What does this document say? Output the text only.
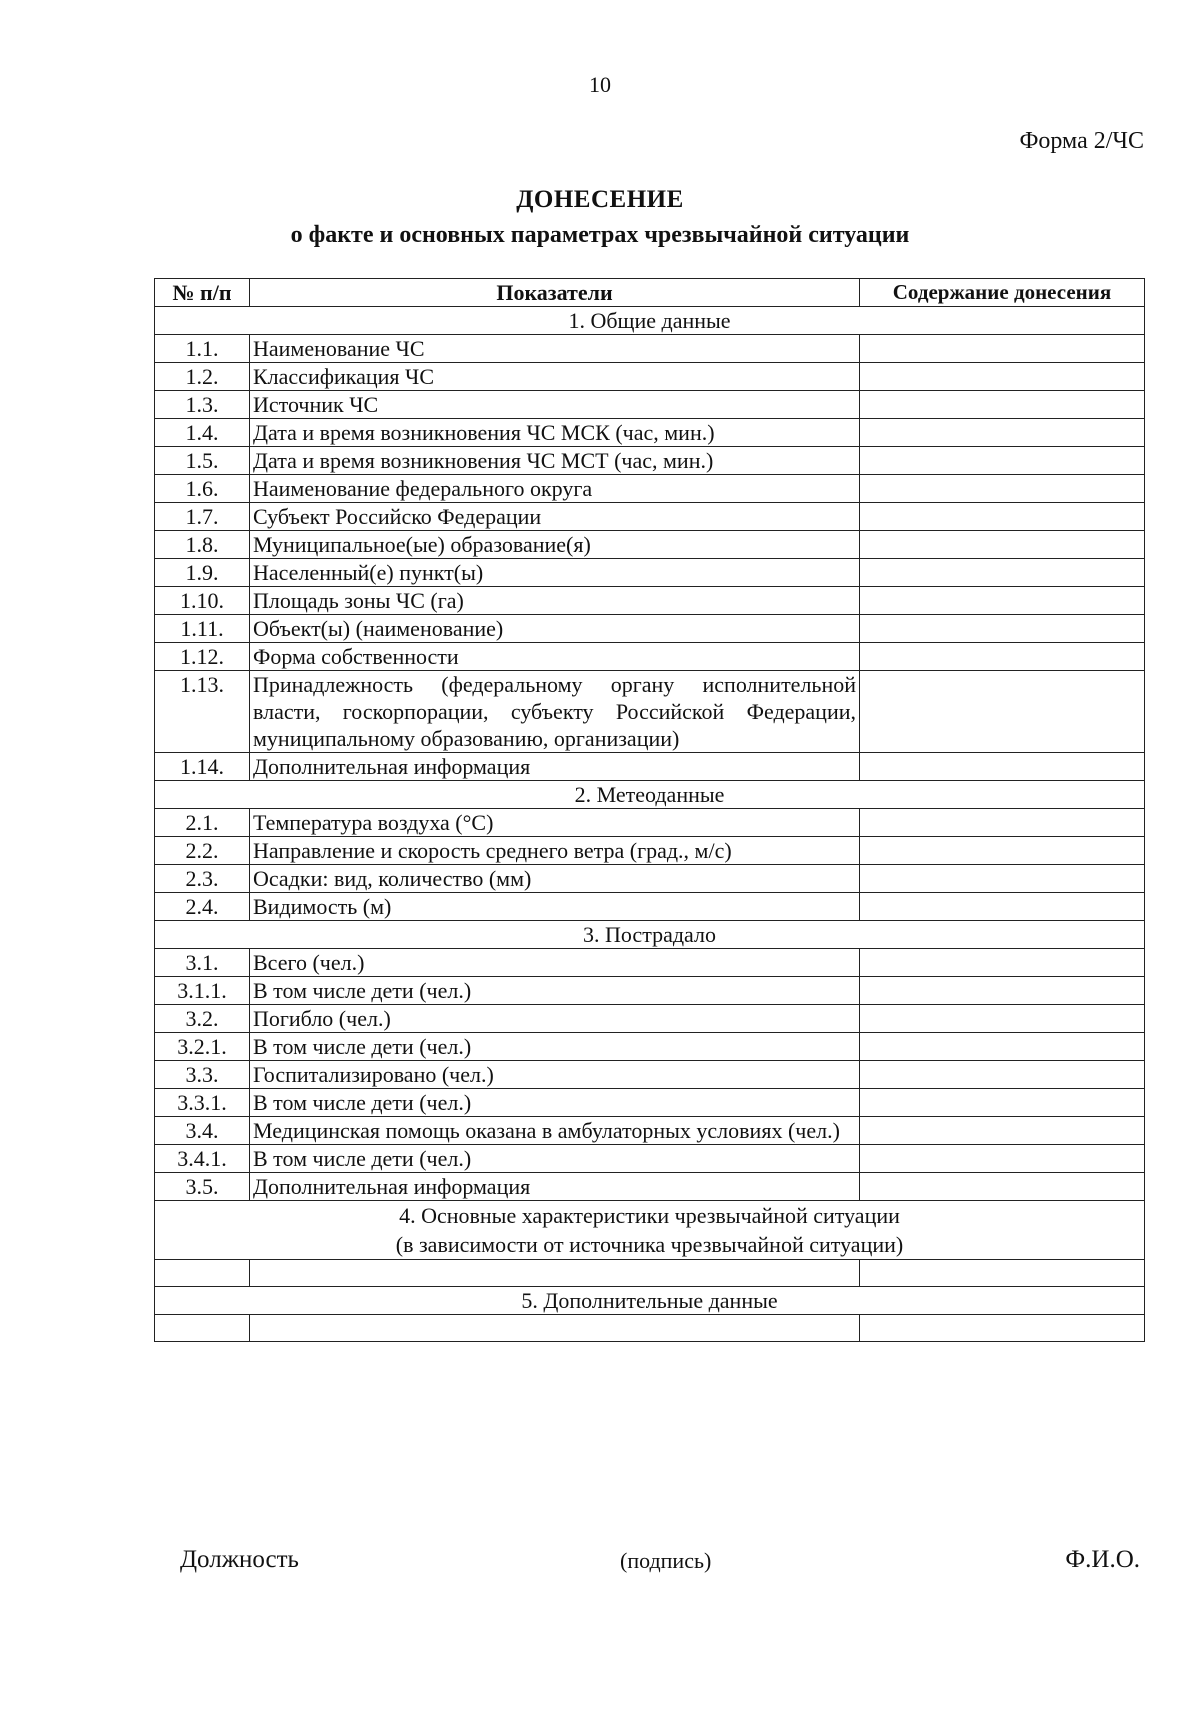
10
Форма 2/ЧС
ДОНЕСЕНИЕ
о факте и основных параметрах чрезвычайной ситуации
№ п/п	Показатели	Содержание донесения
1. Общие данные		
1.1.	Наименование ЧС	
1.2.	Классификация ЧС	
1.3.	Источник ЧС	
1.4.	Дата и время возникновения ЧС МСК (час, мин.)	
1.5.	Дата и время возникновения ЧС МСТ (час, мин.)	
1.6.	Наименование федерального округа	
1.7.	Субъект Российско Федерации	
1.8.	Муниципальное(ые) образование(я)	
1.9.	Населенный(е) пункт(ы)	
1.10.	Площадь зоны ЧС (га)	
1.11.	Объект(ы) (наименование)	
1.12.	Форма собственности	
1.13.	Принадлежность (федеральному органу исполнительной власти, госкорпорации, субъекту Российской Федерации, муниципальному образованию, организации)	
1.14.	Дополнительная информация	
2. Метеоданные		
2.1.	Температура воздуха (°С)	
2.2.	Направление и скорость среднего ветра (град., м/с)	
2.3.	Осадки: вид, количество (мм)	
2.4.	Видимость (м)	
3. Пострадало		
3.1.	Всего (чел.)	
3.1.1.	В том числе дети (чел.)	
3.2.	Погибло (чел.)	
3.2.1.	В том числе дети (чел.)	
3.3.	Госпитализировано (чел.)	
3.3.1.	В том числе дети (чел.)	
3.4.	Медицинская помощь оказана в амбулаторных условиях (чел.)	
3.4.1.	В том числе дети (чел.)	
3.5.	Дополнительная информация	

4. Основные характеристики чрезвычайной ситуации
(в зависимости от источника чрезвычайной ситуации)		

5. Дополнительные данные		

Должность	(подпись)	Ф.И.О.
